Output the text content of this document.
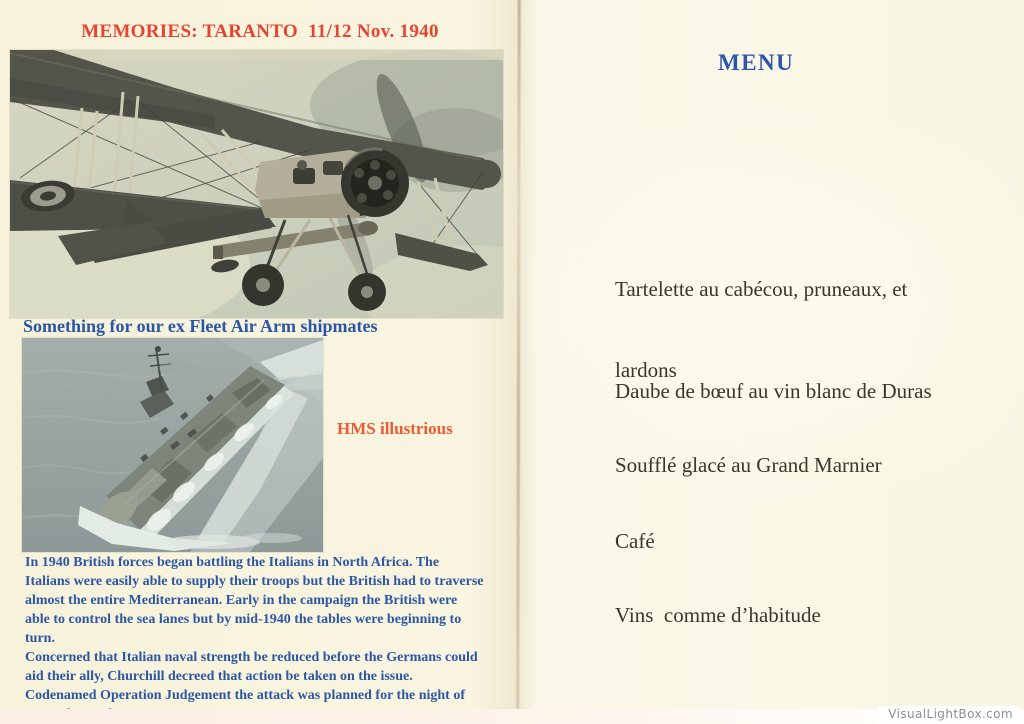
MEMORIES: TARANTO  11/12 Nov. 1940
Something for our ex Fleet Air Arm shipmates
HMS illustrious
In 1940 British forces began battling the Italians in North Africa. The
Italians were easily able to supply their troops but the British had to traverse
almost the entire Mediterranean. Early in the campaign the British were
able to control the sea lanes but by mid-1940 the tables were beginning to
turn.
Concerned that Italian naval strength be reduced before the Germans could
aid their ally, Churchill decreed that action be taken on the issue.
Codenamed Operation Judgement the attack was planned for the night of
MENU

Tartelette au cabécou, pruneaux, et

lardons

Daube de bœuf au vin blanc de Duras

Soufflé glacé au Grand Marnier

Café

Vins  comme d’habitude

VisualLightBox.com
